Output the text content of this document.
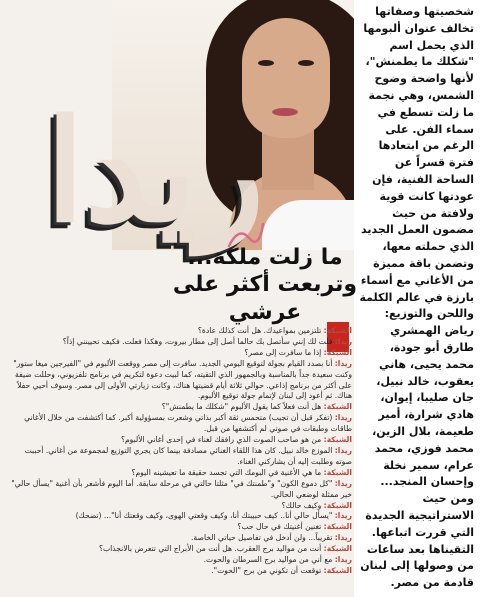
شخصيتها وصفاتها تخالف عنوان ألبومها الذي يحمل اسم "شكلك ما يطمنش"، لأنها واضحة وضوح الشمس، وهي نجمة ما زلت تسطع في سماء الفن. على الرغم من ابتعادها فترة قسراً عن الساحة الفنية، فإن عودتها كانت قوية ولافتة من حيث مضمون العمل الجديد الذي حملته معها، وتضمن باقة مميزة من الأغاني مع أسماء بارزة في عالم الكلمة واللحن والتوزيع: رياض الهمشري طارق أبو جودة، محمد يحيى، هاني يعقوب، خالد نبيل، جان صليبا، إيوان، هادي شرارة، أمير طعيمة، بلال الزين، محمد فوزي، محمد عرام، سمير نخلة وإحسان المنجد... ومن حيث الاستراتيجية الجديدة التي قررت اتباعها. التقيناها بعد ساعات من وصولها إلى لبنان قادمة من مصر.

ريدا
ما زلت ملكة...
وتربعت أكثر على عرشي

الشبكة: تلتزمين بمواعيدك. هل أنت كذلك عادة؟

ريدا: قلت لك إنني سأتصل بك حالما أصل إلى مطار بيروت، وهكذا فعلت. فكيف تحيينني إذاً؟

الشبكة: إذا ما سافرت إلى مصر؟

ريدا: أنا بصدد القيام بجولة لتوقيع اليومي الجديد. سافرت إلى مصر ووقعت الألبوم في "الفيرجين ميغا ستور" وكنت سعيدة جداً بالمناسبة وبالجمهور الذي التقيته، كما لبيت دعوة لتكريم في برنامج تلفزيوني، وحللت ضيفة على أكثر من برنامج إذاعي. حوالي ثلاثة أيام قضيتها هناك، وكانت زيارتي الأولى إلى مصر. وسوف أحيي حفلاً هناك. ثم أعود إلى لبنان لإتمام جولة توقيع الألبوم.

الشبكة: هل أنت فعلاً كما يقول الألبوم "شكلك ما يطمنش"؟

ريدا: (تفكر قبل أن تجيب) متحمس ثقة أكبر بذاتي وشعرت بمسؤولية أكبر. كما أكتشفت من خلال الأغاني طاقات وطبقات في صوتي لم أكتشفها من قبل.

الشبكة: من هو صاحب الصوت الذي رافقك لغناء في إحدى أغاني الألبوم؟

ريدا: الموزع خالد نبيل. كان هذا اللقاء الغنائي مصادفة بينما كان يجري التوزيع لمجموعة من أغاني. أحببت صوته وطلبت إليه أن يشاركني الغناء.

الشبكة: ما هي الأغنية في البومك التي تجسد حقيقة ما تعيشينه اليوم؟

ريدا: "كل دموع الكون" و"طمنتك في" مثلتا حالتي في مرحلة سابقة. أما اليوم فأشعر بأن أغنية "يسأل حالي" خير ممثلة لوضعي الحالي.

الشبكة: وكيف حالك؟

ريدا: "يسأل حالي أنا.. كيف حبيبتك أنا، وكيف وقعتي الهوى، وكيف وقعتك أنا"... (تضحك)

الشبكة: تغنين أغنيتك في حال حب؟

ريدا: تقريباً... ولن أدخل في تفاصيل حياتي الخاصة.

الشبكة: أنت من مواليد برج العقرب. هل أنت من الأبراج التي تتعرض بالانجذاب؟

ريدا: مع أني من مواليد برج السرطان والحوت.

الشبكة: توقعت أن تكوني من برج "الحوت".
